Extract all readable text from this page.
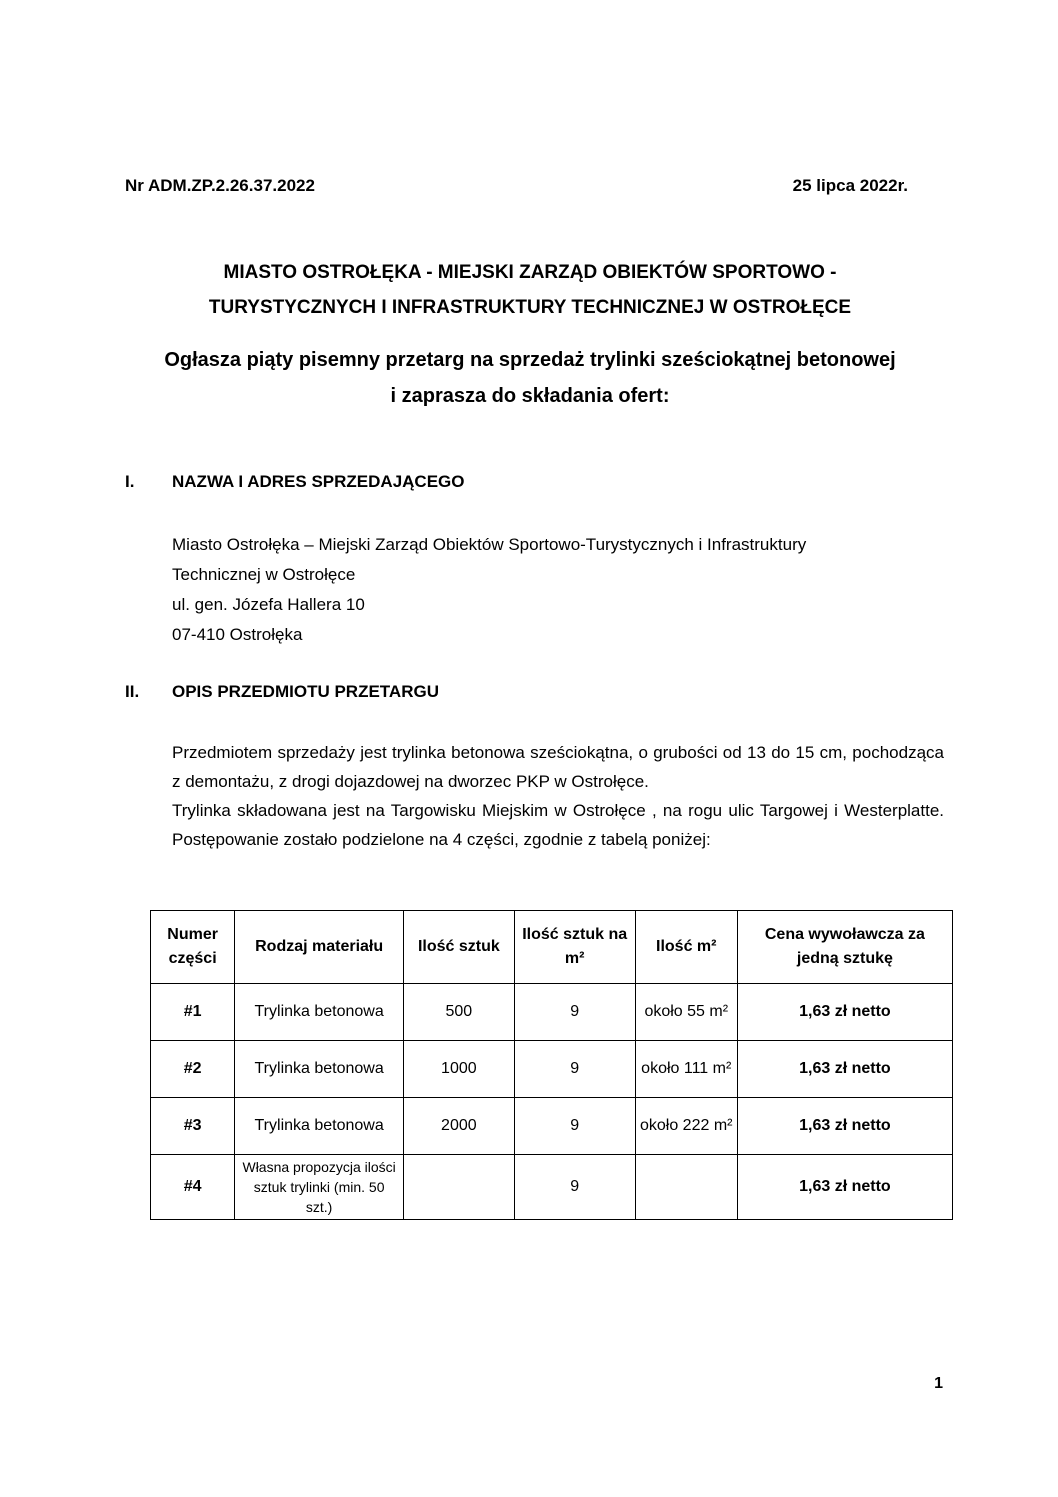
Nr ADM.ZP.2.26.37.2022	25 lipca 2022r.
MIASTO OSTROŁĘKA - MIEJSKI ZARZĄD OBIEKTÓW SPORTOWO -
TURYSTYCZNYCH I INFRASTRUKTURY TECHNICZNEJ W OSTROŁĘCE
Ogłasza piąty pisemny przetarg na sprzedaż trylinki sześciokątnej betonowej
i zaprasza do składania ofert:
I. NAZWA I ADRES SPRZEDAJĄCEGO
Miasto Ostrołęka – Miejski Zarząd Obiektów Sportowo-Turystycznych i Infrastruktury
Technicznej w Ostrołęce
ul. gen. Józefa Hallera 10
07-410 Ostrołęka
II. OPIS PRZEDMIOTU PRZETARGU

Przedmiotem sprzedaży jest trylinka betonowa sześciokątna, o grubości od 13 do 15 cm, pochodząca z demontażu, z drogi dojazdowej na dworzec PKP w Ostrołęce.

Trylinka składowana jest na Targowisku Miejskim w Ostrołęce , na rogu ulic Targowej i Westerplatte. Postępowanie zostało podzielone na 4 części, zgodnie z tabelą poniżej:

Numer części	Rodzaj materiału	Ilość sztuk	Ilość sztuk na m²	Ilość m²	Cena wywoławcza za jedną sztukę
#1	Trylinka betonowa	500	9	około 55 m²	1,63 zł netto
#2	Trylinka betonowa	1000	9	około 111 m²	1,63 zł netto
#3	Trylinka betonowa	2000	9	około 222 m²	1,63 zł netto
#4	Własna propozycja ilości sztuk trylinki (min. 50 szt.)		9		1,63 zł netto
1
